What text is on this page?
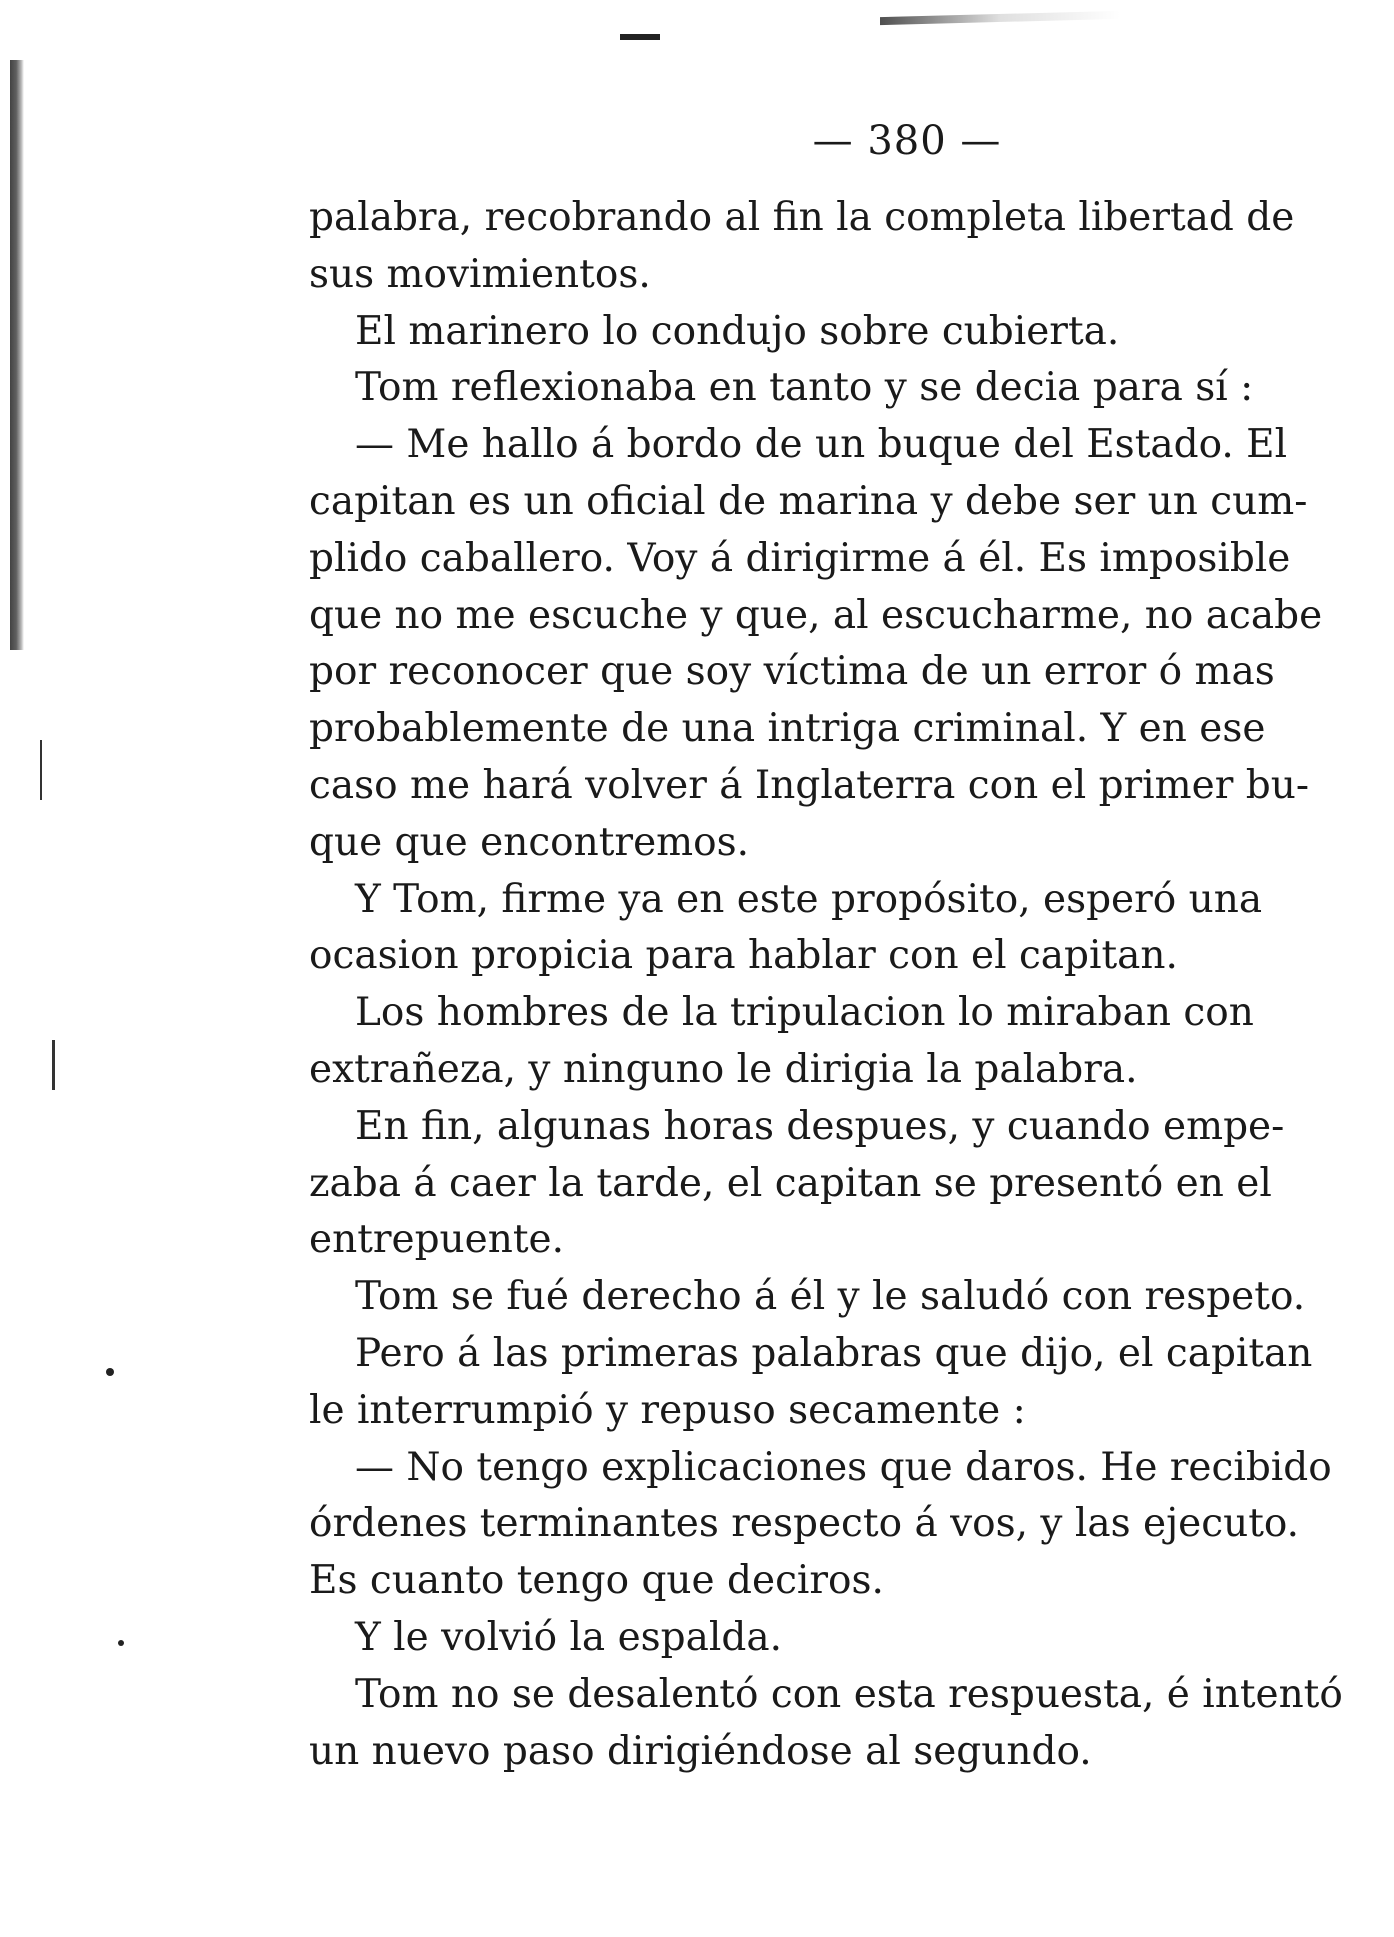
— 380 —
palabra, recobrando al fin la completa libertad de
sus movimientos.
El marinero lo condujo sobre cubierta.
Tom reflexionaba en tanto y se decia para sí :
— Me hallo á bordo de un buque del Estado. El
capitan es un oficial de marina y debe ser un cum-
plido caballero. Voy á dirigirme á él. Es imposible
que no me escuche y que, al escucharme, no acabe
por reconocer que soy víctima de un error ó mas
probablemente de una intriga criminal. Y en ese
caso me hará volver á Inglaterra con el primer bu-
que que encontremos.
Y Tom, firme ya en este propósito, esperó una
ocasion propicia para hablar con el capitan.
Los hombres de la tripulacion lo miraban con
extrañeza, y ninguno le dirigia la palabra.
En fin, algunas horas despues, y cuando empe-
zaba á caer la tarde, el capitan se presentó en el
entrepuente.
Tom se fué derecho á él y le saludó con respeto.
Pero á las primeras palabras que dijo, el capitan
le interrumpió y repuso secamente :
— No tengo explicaciones que daros. He recibido
órdenes terminantes respecto á vos, y las ejecuto.
Es cuanto tengo que deciros.
Y le volvió la espalda.
Tom no se desalentó con esta respuesta, é intentó
un nuevo paso dirigiéndose al segundo.
